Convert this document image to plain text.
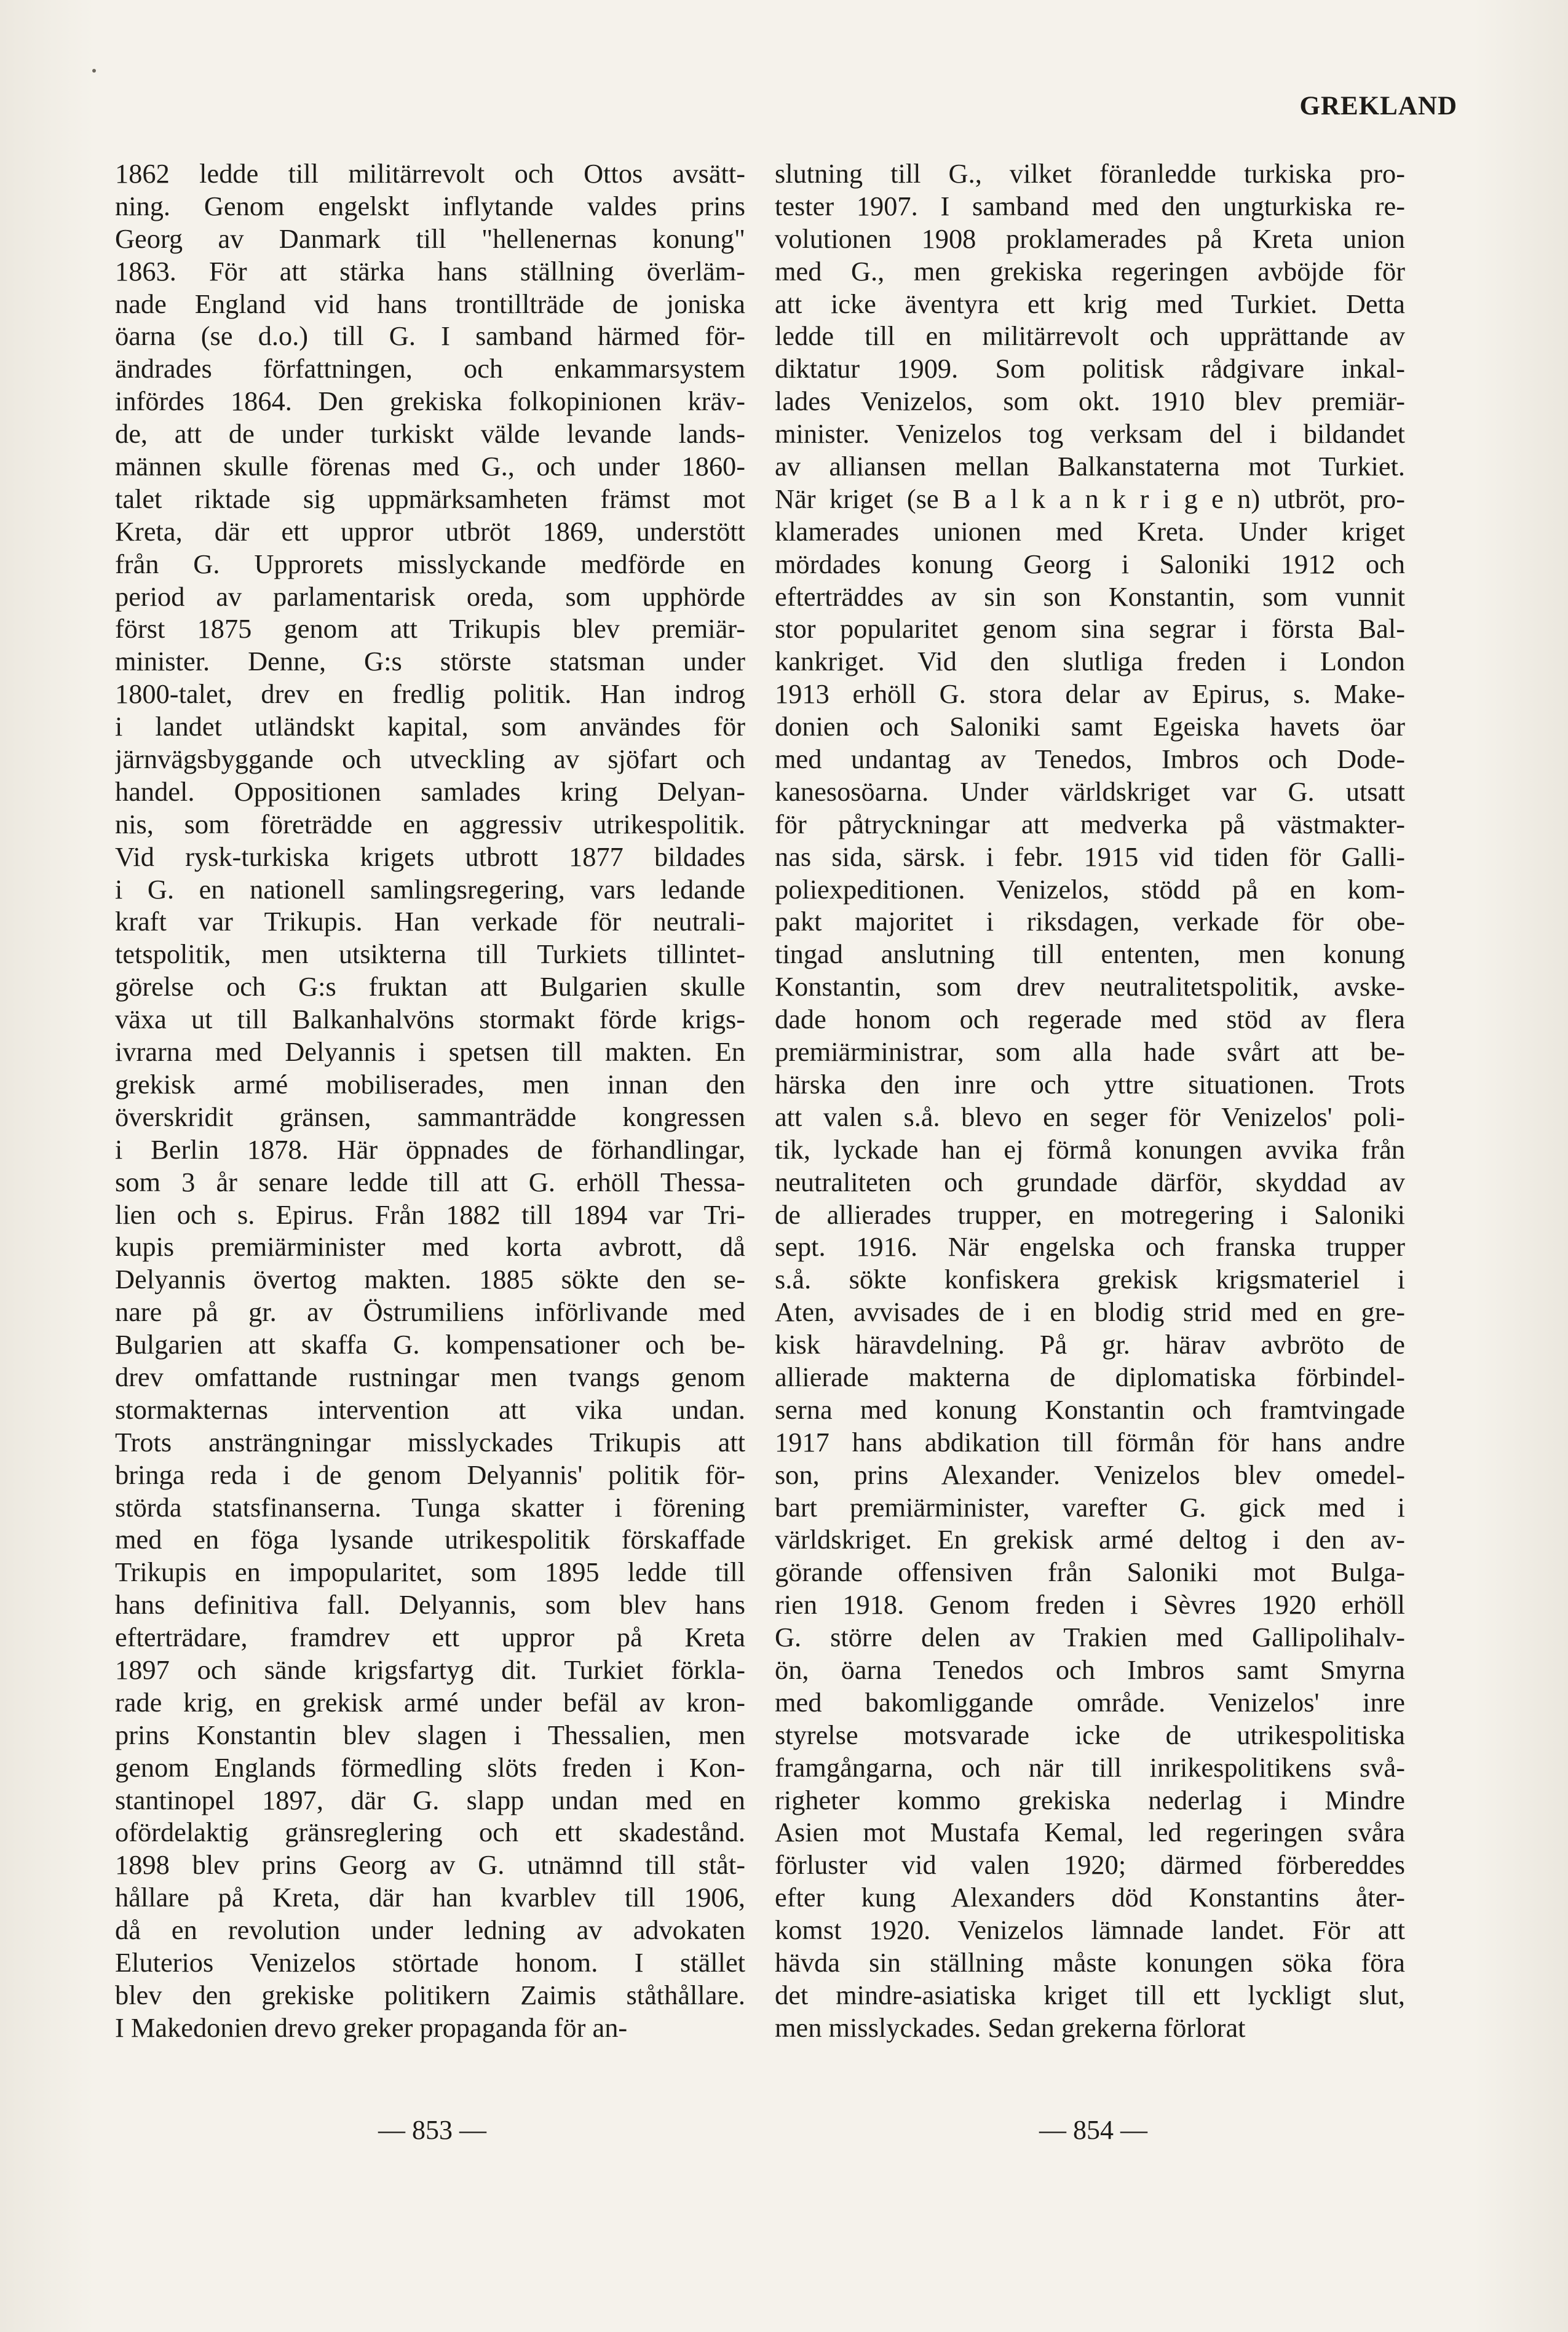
GREKLAND
1862 ledde till militärrevolt och Ottos avsätt-
ning. Genom engelskt inflytande valdes prins
Georg av Danmark till "hellenernas konung"
1863. För att stärka hans ställning överläm-
nade England vid hans trontillträde de joniska
öarna (se d.o.) till G. I samband härmed för-
ändrades författningen, och enkammarsystem
infördes 1864. Den grekiska folkopinionen kräv-
de, att de under turkiskt välde levande lands-
männen skulle förenas med G., och under 1860-
talet riktade sig uppmärksamheten främst mot
Kreta, där ett uppror utbröt 1869, understött
från G. Upprorets misslyckande medförde en
period av parlamentarisk oreda, som upphörde
först 1875 genom att Trikupis blev premiär-
minister. Denne, G:s störste statsman under
1800-talet, drev en fredlig politik. Han indrog
i landet utländskt kapital, som användes för
järnvägsbyggande och utveckling av sjöfart och
handel. Oppositionen samlades kring Delyan-
nis, som företrädde en aggressiv utrikespolitik.
Vid rysk-turkiska krigets utbrott 1877 bildades
i G. en nationell samlingsregering, vars ledande
kraft var Trikupis. Han verkade för neutrali-
tetspolitik, men utsikterna till Turkiets tillintet-
görelse och G:s fruktan att Bulgarien skulle
växa ut till Balkanhalvöns stormakt förde krigs-
ivrarna med Delyannis i spetsen till makten. En
grekisk armé mobiliserades, men innan den
överskridit gränsen, sammanträdde kongressen
i Berlin 1878. Här öppnades de förhandlingar,
som 3 år senare ledde till att G. erhöll Thessa-
lien och s. Epirus. Från 1882 till 1894 var Tri-
kupis premiärminister med korta avbrott, då
Delyannis övertog makten. 1885 sökte den se-
nare på gr. av Östrumiliens införlivande med
Bulgarien att skaffa G. kompensationer och be-
drev omfattande rustningar men tvangs genom
stormakternas intervention att vika undan.
Trots ansträngningar misslyckades Trikupis att
bringa reda i de genom Delyannis' politik för-
störda statsfinanserna. Tunga skatter i förening
med en föga lysande utrikespolitik förskaffade
Trikupis en impopularitet, som 1895 ledde till
hans definitiva fall. Delyannis, som blev hans
efterträdare, framdrev ett uppror på Kreta
1897 och sände krigsfartyg dit. Turkiet förkla-
rade krig, en grekisk armé under befäl av kron-
prins Konstantin blev slagen i Thessalien, men
genom Englands förmedling slöts freden i Kon-
stantinopel 1897, där G. slapp undan med en
ofördelaktig gränsreglering och ett skadestånd.
1898 blev prins Georg av G. utnämnd till ståt-
hållare på Kreta, där han kvarblev till 1906,
då en revolution under ledning av advokaten
Eluterios Venizelos störtade honom. I stället
blev den grekiske politikern Zaimis ståthållare.
I Makedonien drevo greker propaganda för an-
slutning till G., vilket föranledde turkiska pro-
tester 1907. I samband med den ungturkiska re-
volutionen 1908 proklamerades på Kreta union
med G., men grekiska regeringen avböjde för
att icke äventyra ett krig med Turkiet. Detta
ledde till en militärrevolt och upprättande av
diktatur 1909. Som politisk rådgivare inkal-
lades Venizelos, som okt. 1910 blev premiär-
minister. Venizelos tog verksam del i bildandet
av alliansen mellan Balkanstaterna mot Turkiet.
När kriget (se B a l k a n k r i g e n) utbröt, pro-
klamerades unionen med Kreta. Under kriget
mördades konung Georg i Saloniki 1912 och
efterträddes av sin son Konstantin, som vunnit
stor popularitet genom sina segrar i första Bal-
kankriget. Vid den slutliga freden i London
1913 erhöll G. stora delar av Epirus, s. Make-
donien och Saloniki samt Egeiska havets öar
med undantag av Tenedos, Imbros och Dode-
kanesosöarna. Under världskriget var G. utsatt
för påtryckningar att medverka på västmakter-
nas sida, särsk. i febr. 1915 vid tiden för Galli-
poliexpeditionen. Venizelos, stödd på en kom-
pakt majoritet i riksdagen, verkade för obe-
tingad anslutning till ententen, men konung
Konstantin, som drev neutralitetspolitik, avske-
dade honom och regerade med stöd av flera
premiärministrar, som alla hade svårt att be-
härska den inre och yttre situationen. Trots
att valen s.å. blevo en seger för Venizelos' poli-
tik, lyckade han ej förmå konungen avvika från
neutraliteten och grundade därför, skyddad av
de allierades trupper, en motregering i Saloniki
sept. 1916. När engelska och franska trupper
s.å. sökte konfiskera grekisk krigsmateriel i
Aten, avvisades de i en blodig strid med en gre-
kisk häravdelning. På gr. härav avbröto de
allierade makterna de diplomatiska förbindel-
serna med konung Konstantin och framtvingade
1917 hans abdikation till förmån för hans andre
son, prins Alexander. Venizelos blev omedel-
bart premiärminister, varefter G. gick med i
världskriget. En grekisk armé deltog i den av-
görande offensiven från Saloniki mot Bulga-
rien 1918. Genom freden i Sèvres 1920 erhöll
G. större delen av Trakien med Gallipolihalv-
ön, öarna Tenedos och Imbros samt Smyrna
med bakomliggande område. Venizelos' inre
styrelse motsvarade icke de utrikespolitiska
framgångarna, och när till inrikespolitikens svå-
righeter kommo grekiska nederlag i Mindre
Asien mot Mustafa Kemal, led regeringen svåra
förluster vid valen 1920; därmed förbereddes
efter kung Alexanders död Konstantins åter-
komst 1920. Venizelos lämnade landet. För att
hävda sin ställning måste konungen söka föra
det mindre-asiatiska kriget till ett lyckligt slut,
men misslyckades. Sedan grekerna förlorat
— 853 —	— 854 —
